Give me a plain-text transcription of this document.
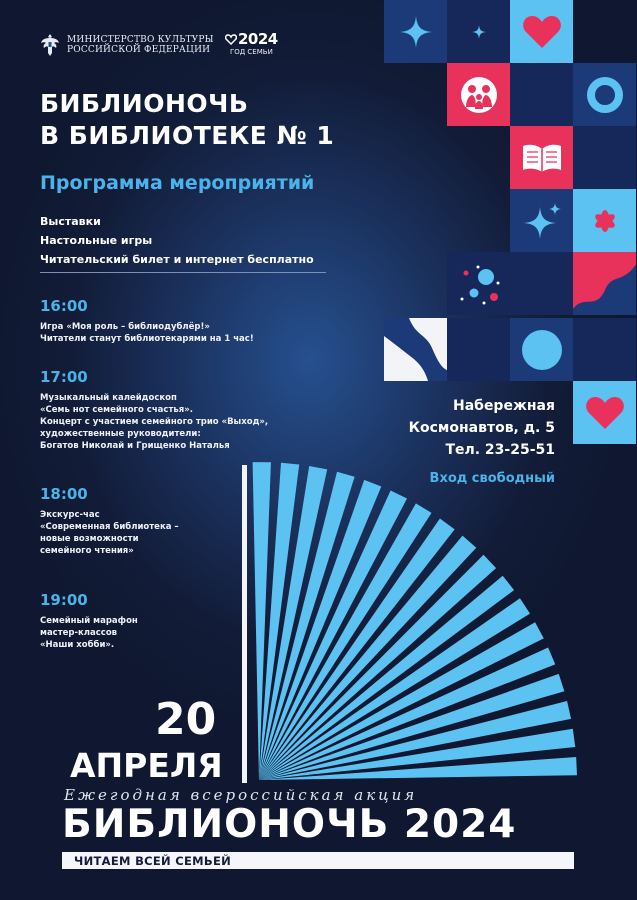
МИНИСТЕРСТВО КУЛЬТУРЫ
РОССИЙСКОЙ ФЕДЕРАЦИИ
2024
ГОД СЕМЬИ
БИБЛИОНОЧЬ
В БИБЛИОТЕКЕ № 1
Программа мероприятий
Выставки
Настольные игры
Читательский билет и интернет бесплатно
16:00
Игра «Моя роль – библиодублёр!»
Читатели станут библиотекарями на 1 час!
17:00
Музыкальный калейдоскоп
«Семь нот семейного счастья».
Концерт с участием семейного трио «Выход»,
художественные руководители:
Богатов Николай и Грищенко Наталья
18:00
Экскурс-час
«Современная библиотека –
новые возможности
семейного чтения»
19:00
Семейный марафон
мастер-классов
«Наши хобби».
Набережная
Космонавтов, д. 5
Тел. 23-25-51
Вход свободный
20
АПРЕЛЯ
Ежегодная всероссийская акция
БИБЛИОНОЧЬ 2024
ЧИТАЕМ ВСЕЙ СЕМЬЕЙ
